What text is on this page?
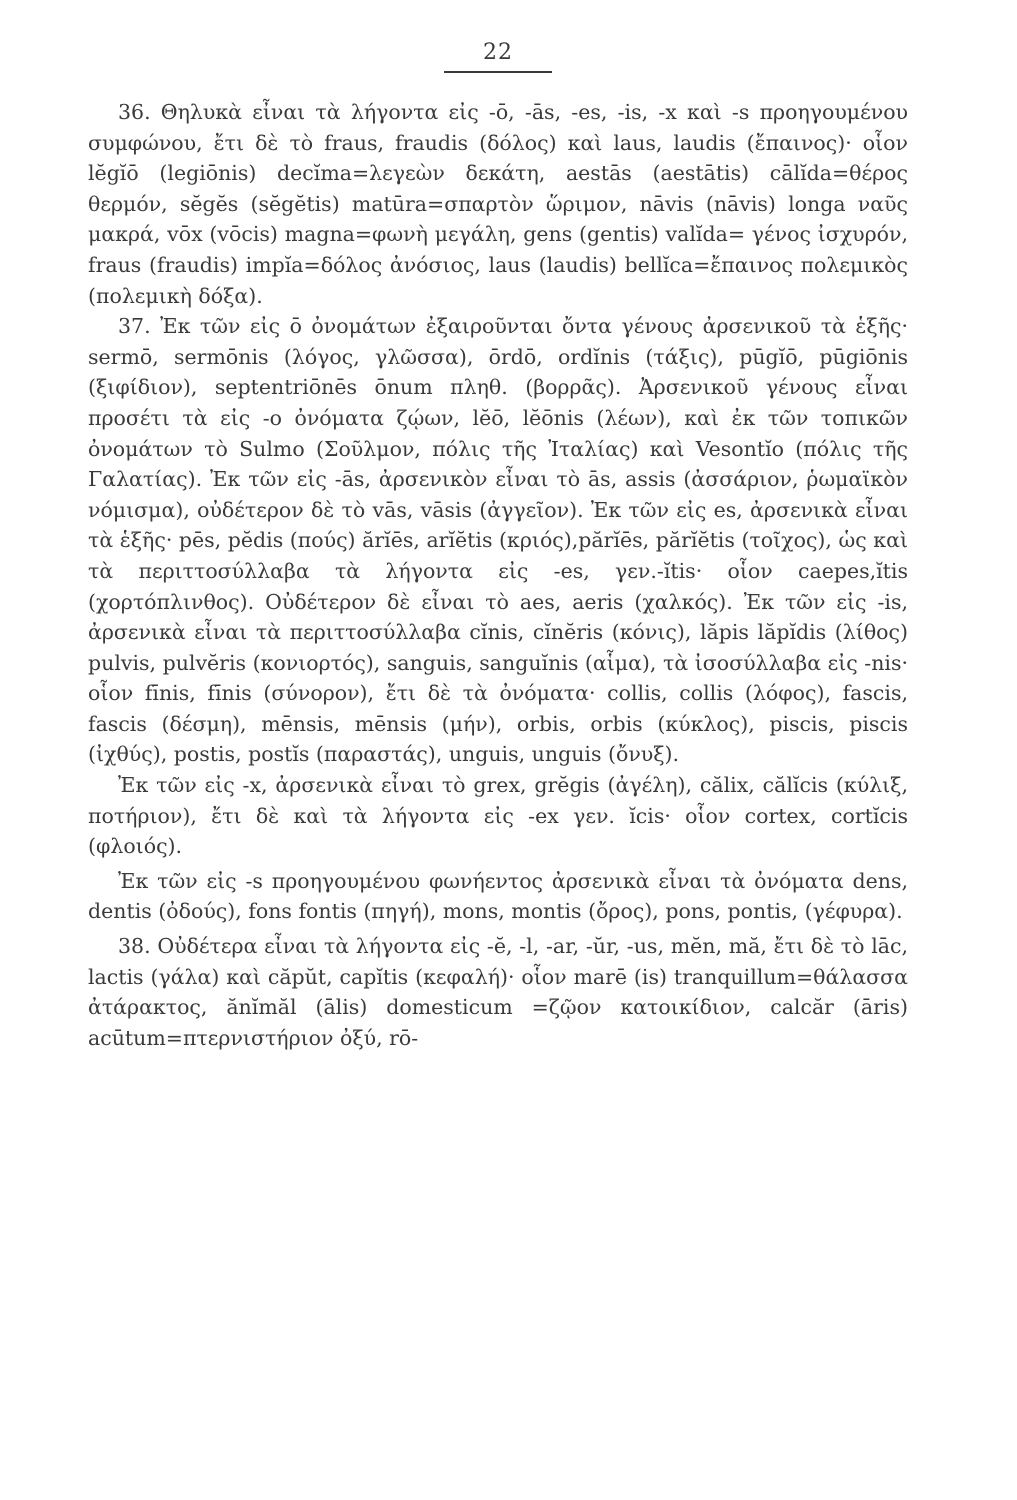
22

36. Θηλυκὰ εἶναι τὰ λήγοντα εἰς -ō, -ās, -es, -is, -x καὶ -s προηγουμένου συμφώνου, ἔτι δὲ τὸ fraus, fraudis (δόλος) καὶ laus, laudis (ἔπαινος)· οἷον lĕgĭō (legiōnis) decĭma=λεγεὼν δεκάτη, aestās (aestātis) cālĭda=θέρος θερμόν, sĕgĕs (sĕgĕtis) matūra=σπαρτὸν ὥριμον, nāvis (nāvis) longa ναῦς μακρά, vōx (vōcis) magna=φωνὴ μεγάλη, gens (gentis) valĭda= γένος ἰσχυρόν, fraus (fraudis) impĭa=δόλος ἀνόσιος, laus (laudis) bellĭca=ἔπαινος πολεμικὸς (πολεμικὴ δόξα).

37. Ἐκ τῶν εἰς ō ὀνομάτων ἐξαιροῦνται ὄντα γένους ἀρσενικοῦ τὰ ἑξῆς· sermō, sermōnis (λόγος, γλῶσσα), ōrdō, ordĭnis (τάξις), pūgĭō, pūgiōnis (ξιφίδιον), septentriōnēs ōnum πληθ. (βορρᾶς). Ἀρσενικοῦ γένους εἶναι προσέτι τὰ εἰς -ο ὀνόματα ζῴων, lĕō, lĕōnis (λέων), καὶ ἐκ τῶν τοπικῶν ὀνομάτων τὸ Sulmo (Σοῦλμον, πόλις τῆς Ἰταλίας) καὶ Vesontĭo (πόλις τῆς Γαλατίας). Ἐκ τῶν εἰς -ās, ἀρσενικὸν εἶναι τὸ ās, assis (ἀσσάριον, ῥωμαϊκὸν νόμισμα), οὐδέτερον δὲ τὸ vās, vāsis (ἀγγεῖον). Ἐκ τῶν εἰς es, ἀρσενικὰ εἶναι τὰ ἑξῆς· pēs, pĕdis (πούς) ărĭēs, arĭĕtis (κριός),părĭēs, părĭĕtis (τοῖχος), ὡς καὶ τὰ περιττοσύλλαβα τὰ λήγοντα εἰς -es, γεν.-ĭtis· οἷον caepes,ĭtis (χορτόπλινθος). Οὐδέτερον δὲ εἶναι τὸ aes, aeris (χαλκός). Ἐκ τῶν εἰς -is, ἀρσενικὰ εἶναι τὰ περιττοσύλλαβα cĭnis, cĭnĕris (κόνις), lăpis lăpĭdis (λίθος) pulvis, pulvĕris (κονιορτός), sanguis, sanguĭnis (αἷμα), τὰ ἰσοσύλλαβα εἰς -nis· οἷον fīnis, fīnis (σύνορον), ἔτι δὲ τὰ ὀνόματα· collis, collis (λόφος), fascis, fascis (δέσμη), mēnsis, mēnsis (μήν), orbis, orbis (κύκλος), piscis, piscis (ἰχθύς), postis, postĭs (παραστάς), unguis, unguis (ὄνυξ).

Ἐκ τῶν εἰς -x, ἀρσενικὰ εἶναι τὸ grex, grĕgis (ἀγέλη), călix, călĭcis (κύλιξ, ποτήριον), ἔτι δὲ καὶ τὰ λήγοντα εἰς -ex γεν. ĭcis· οἷον cortex, cortĭcis (φλοιός).

Ἐκ τῶν εἰς -s προηγουμένου φωνήεντος ἀρσενικὰ εἶναι τὰ ὀνόματα dens, dentis (ὀδούς), fons fontis (πηγή), mons, montis (ὄρος), pons, pontis, (γέφυρα).

38. Οὐδέτερα εἶναι τὰ λήγοντα εἰς -ĕ, -l, -ar, -ŭr, -us, mĕn, mă, ἔτι δὲ τὸ lāc, lactis (γάλα) καὶ căpŭt, capĭtis (κεφαλή)· οἷον marē (is) tranquillum=θάλασσα ἀτάρακτος, ănĭmăl (ālis) domesticum =ζῷον κατοικίδιον, calcăr (āris) acūtum=πτερνιστήριον ὀξύ, rō-
